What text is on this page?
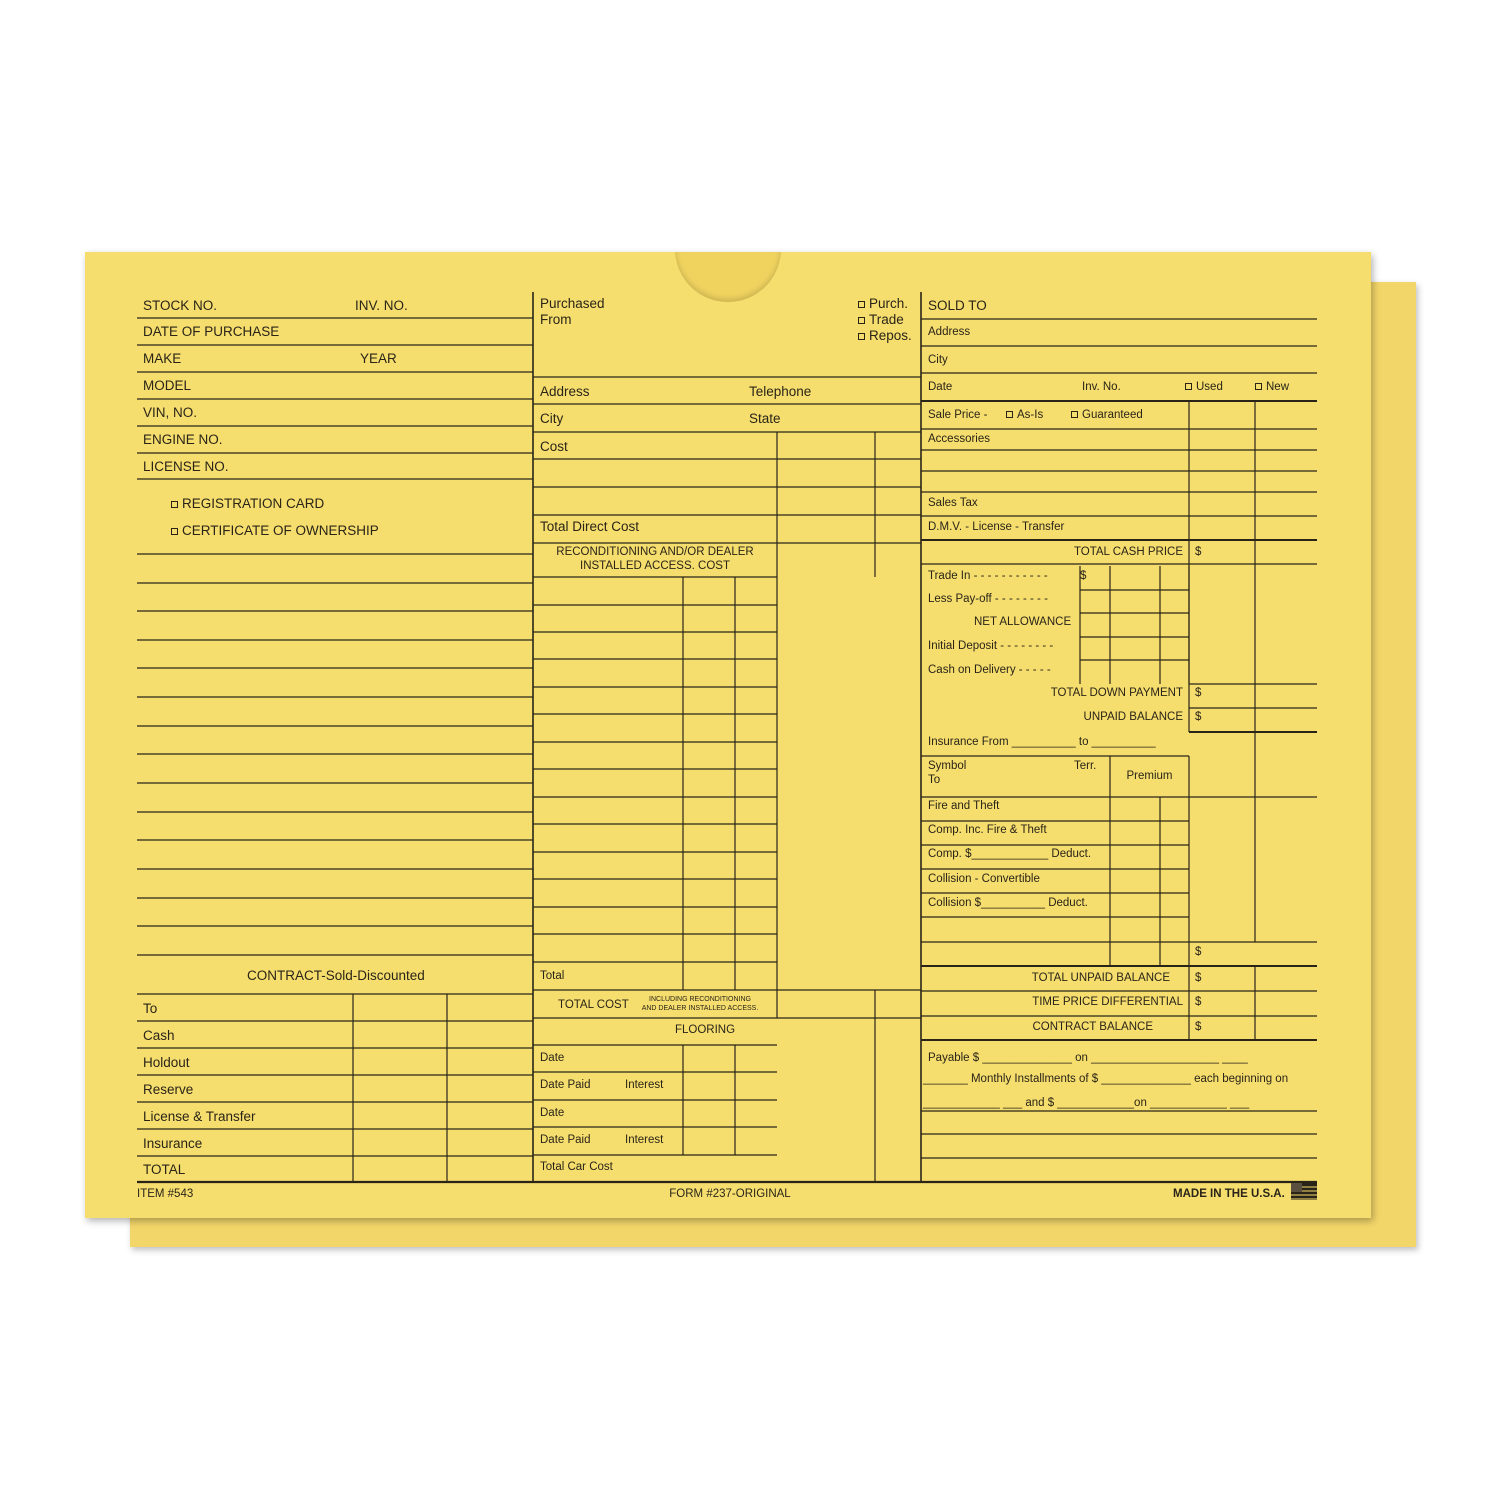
STOCK NO.	INV. NO.
DATE OF PURCHASE
MAKE	YEAR
MODEL
VIN, NO.
ENGINE NO.
LICENSE NO.
REGISTRATION CARD
CERTIFICATE OF OWNERSHIP
CONTRACT-Sold-Discounted
To
Cash
Holdout
Reserve
License & Transfer
Insurance
TOTAL
ITEM #543
Purchased
From
Purch.
Trade
Repos.
Address	Telephone
City	State
Cost
Total Direct Cost
RECONDITIONING AND/OR DEALER
INSTALLED ACCESS. COST
Total
TOTAL COST	INCLUDING RECONDITIONING
AND DEALER INSTALLED ACCESS.
FLOORING
Date
Date Paid	Interest
Date
Date Paid	Interest
Total Car Cost
FORM #237-ORIGINAL
SOLD TO
Address
City
Date	Inv. No.	Used	New
Sale Price -	As-Is	Guaranteed
Accessories
Sales Tax
D.M.V. - License - Transfer
TOTAL CASH PRICE $
Trade In - - - - - - - - - - -	$
Less Pay-off - - - - - - - -
NET ALLOWANCE
Initial Deposit - - - - - - - -
Cash on Delivery - - - - -
TOTAL DOWN PAYMENT $
UNPAID BALANCE $
Insurance From __________ to __________
Symbol
To
Terr.
Premium
Fire and Theft
Comp. Inc. Fire & Theft
Comp. $____________ Deduct.
Collision - Convertible
Collision $__________ Deduct.
$
TOTAL UNPAID BALANCE $
TIME PRICE DIFFERENTIAL $
CONTRACT BALANCE	$
Payable $ ______________ on ____________________ ____
_______ Monthly Installments of $ ______________ each beginning on
____________ ___ and $ ____________on ____________ ___
MADE IN THE U.S.A.
